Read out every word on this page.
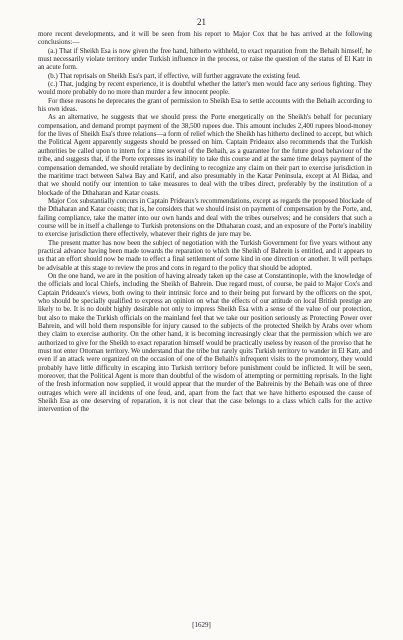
21

more recent developments, and it will be seen from his report to Major Cox that he has arrived at the following conclusions:—

(a.) That if Sheikh Esa is now given the free hand, hitherto withheld, to exact reparation from the Behaih himself, he must necessarily violate territory under Turkish influence in the process, or raise the question of the status of El Katr in an acute form.

(b.) That reprisals on Sheikh Esa's part, if effective, will further aggravate the existing feud.

(c.) That, judging by recent experience, it is doubtful whether the latter's men would face any serious fighting. They would more probably do no more than murder a few innocent people.

For these reasons he deprecates the grant of permission to Sheikh Esa to settle accounts with the Behaih according to his own ideas.

As an alternative, he suggests that we should press the Porte energetically on the Sheikh's behalf for pecuniary compensation, and demand prompt payment of the 38,500 rupees due. This amount includes 2,400 rupees blood-money for the lives of Sheikh Esa's three relations—a form of relief which the Sheikh has hitherto declined to accept, but which the Political Agent apparently suggests should be pressed on him. Captain Prideaux also recommends that the Turkish authorities be called upon to intern for a time several of the Behaih, as a guarantee for the future good behaviour of the tribe, and suggests that, if the Porte expresses its inability to take this course and at the same time delays payment of the compensation demanded, we should retaliate by declining to recognize any claim on their part to exercise jurisdiction in the maritime tract between Salwa Bay and Katif, and also presumably in the Katar Peninsula, except at Al Bidaa, and that we should notify our intention to take measures to deal with the tribes direct, preferably by the institution of a blockade of the Dthaharan and Katar coasts.

Major Cox substantially concurs in Captain Prideaux's recommendations, except as regards the proposed blockade of the Dthaharan and Katar coasts; that is, he considers that we should insist on payment of compensation by the Porte, and, failing compliance, take the matter into our own hands and deal with the tribes ourselves; and he considers that such a course will be in itself a challenge to Turkish pretensions on the Dthaharan coast, and an exposure of the Porte's inability to exercise jurisdiction there effectively, whatever their rights de jure may be.

The present matter has now been the subject of negotiation with the Turkish Government for five years without any practical advance having been made towards the reparation to which the Sheikh of Bahrein is entitled, and it appears to us that an effort should now be made to effect a final settlement of some kind in one direction or another. It will perhaps be advisable at this stage to review the pros and cons in regard to the policy that should be adopted.

On the one hand, we are in the position of having already taken up the case at Constantinople, with the knowledge of the officials and local Chiefs, including the Sheikh of Bahrein. Due regard must, of course, be paid to Major Cox's and Captain Prideaux's views, both owing to their intrinsic force and to their being put forward by the officers on the spot, who should be specially qualified to express an opinion on what the effects of our attitude on local British prestige are likely to be. It is no doubt highly desirable not only to impress Sheikh Esa with a sense of the value of our protection, but also to make the Turkish officials on the mainland feel that we take our position seriously as Protecting Power over Bahrein, and will hold them responsible for injury caused to the subjects of the protected Sheikh by Arabs over whom they claim to exercise authority. On the other hand, it is becoming increasingly clear that the permission which we are authorized to give for the Sheikh to exact reparation himself would be practically useless by reason of the proviso that he must not enter Ottoman territory. We understand that the tribe but rarely quits Turkish territory to wander in El Katr, and even if an attack were organized on the occasion of one of the Behaih's infrequent visits to the promontory, they would probably have little difficulty in escaping into Turkish territory before punishment could be inflicted. It will be seen, moreover, that the Political Agent is more than doubtful of the wisdom of attempting or permitting reprisals. In the light of the fresh information now supplied, it would appear that the murder of the Bahreinis by the Behaih was one of three outrages which were all incidents of one feud, and, apart from the fact that we have hitherto espoused the cause of Sheikh Esa as one deserving of reparation, it is not clear that the case belongs to a class which calls for the active intervention of the

[1629]
